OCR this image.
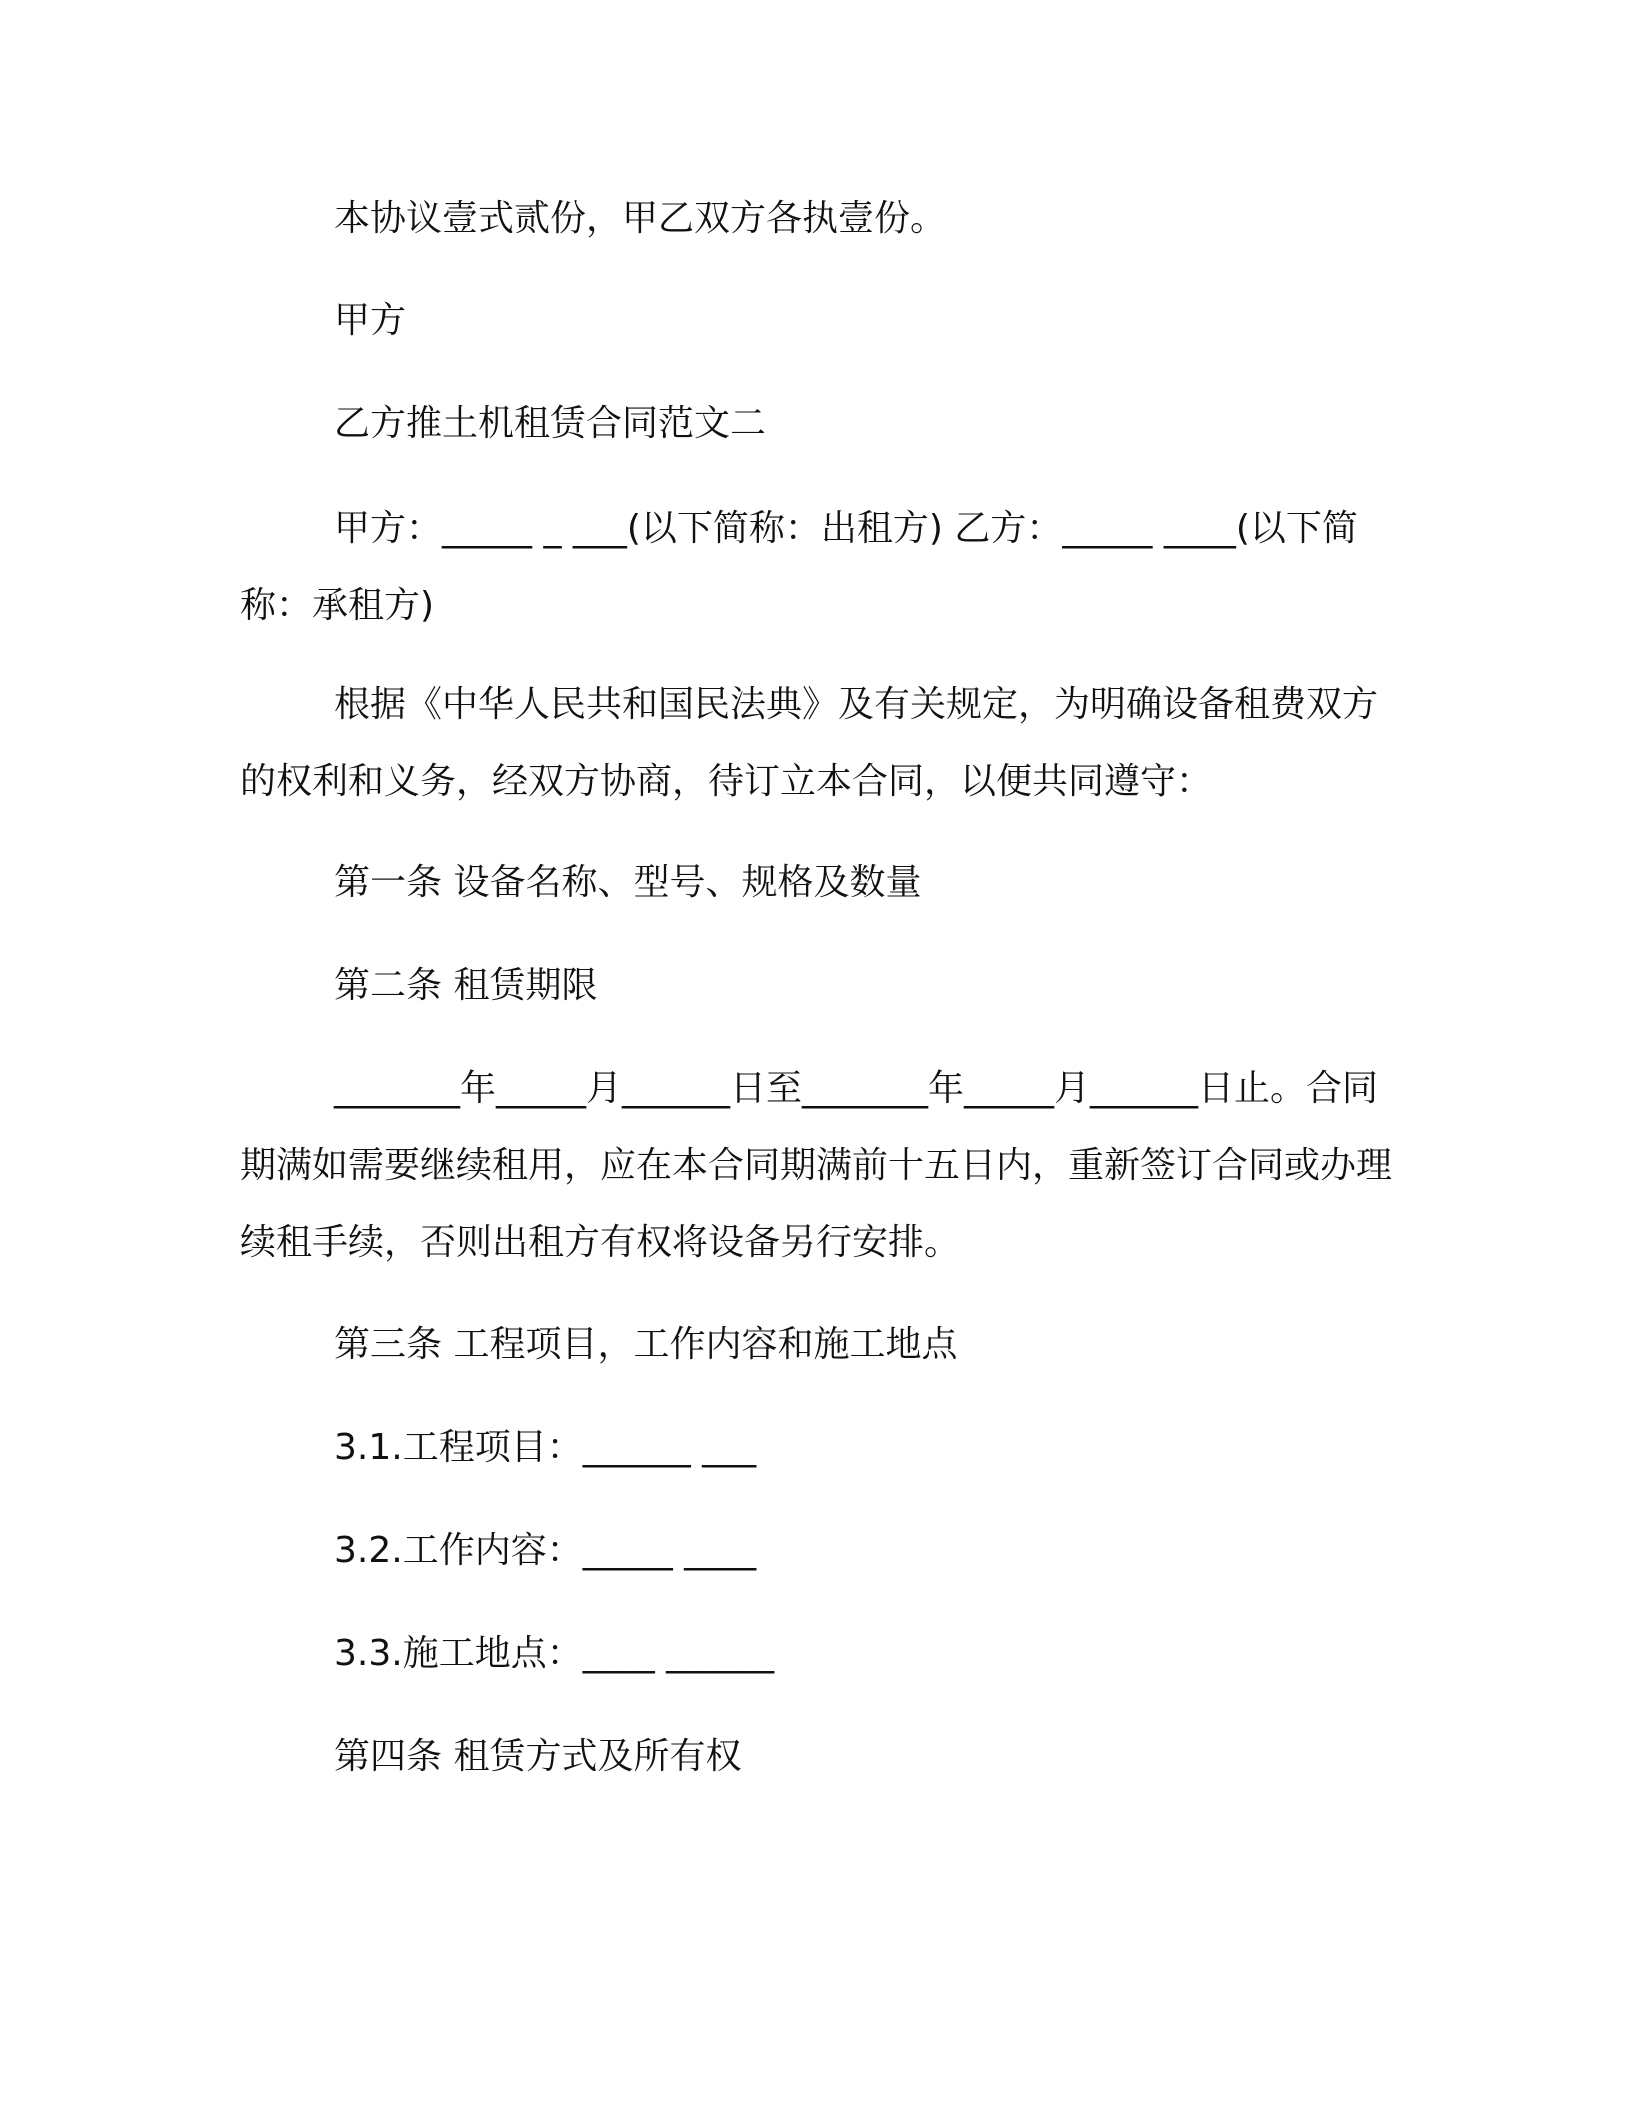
本协议壹式贰份，甲乙双方各执壹份。

甲方

乙方推土机租赁合同范文二

甲方：_____ _ ___(以下简称：出租方) 乙方：_____ ____(以下简称：承租方)

根据《中华人民共和国民法典》及有关规定，为明确设备租费双方的权利和义务，经双方协商，待订立本合同，以便共同遵守：

第一条 设备名称、型号、规格及数量

第二条 租赁期限

_______年_____月______日至_______年_____月______日止。合同期满如需要继续租用，应在本合同期满前十五日内，重新签订合同或办理续租手续，否则出租方有权将设备另行安排。

第三条 工程项目，工作内容和施工地点

3.1.工程项目：______ ___

3.2.工作内容：_____ ____

3.3.施工地点：____ ______

第四条 租赁方式及所有权
